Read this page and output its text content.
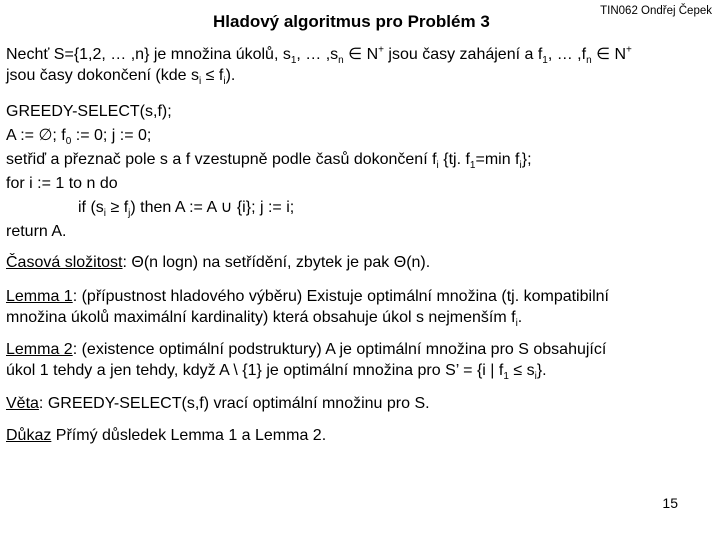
Hladový algoritmus pro Problém 3
TIN062 Ondřej Čepek
Nechť S={1,2, … ,n} je množina úkolů, $s_1$, … $,s_n$ ∈ N+ jsou časy zahájení a $f_1$, … $,f_n$ ∈ N+
jsou časy dokončení (kde $s_i \le f_i$).
GREEDY-SELECT(s,f);
A := ∅; $f_0$ := 0; j := 0;
setřiď a přeznač pole s a f vzestupně podle časů dokončení $f_i$ {tj. $f_1=\min$ $f_i$};
for i := 1 to n do
if $(s_i \ge f_j)$ then A := A ∪ {i}; j := i;
return A.
Časová složitost: Θ(n logn) na setřídění, zbytek je pak Θ(n).
Lemma 1: (přípustnost hladového výběru) Existuje optimální množina (tj. kompatibilní
množina úkolů maximální kardinality) která obsahuje úkol s nejmenším $f_i$.
Lemma 2: (existence optimální podstruktury) A je optimální množina pro S obsahující
úkol 1 tehdy a jen tehdy, když A \ {1} je optimální množina pro S’ = {i | $f_1 \le s_i$}.
Věta: GREEDY-SELECT(s,f) vrací optimální množinu pro S.
Důkaz Přímý důsledek Lemma 1 a Lemma 2.
15
